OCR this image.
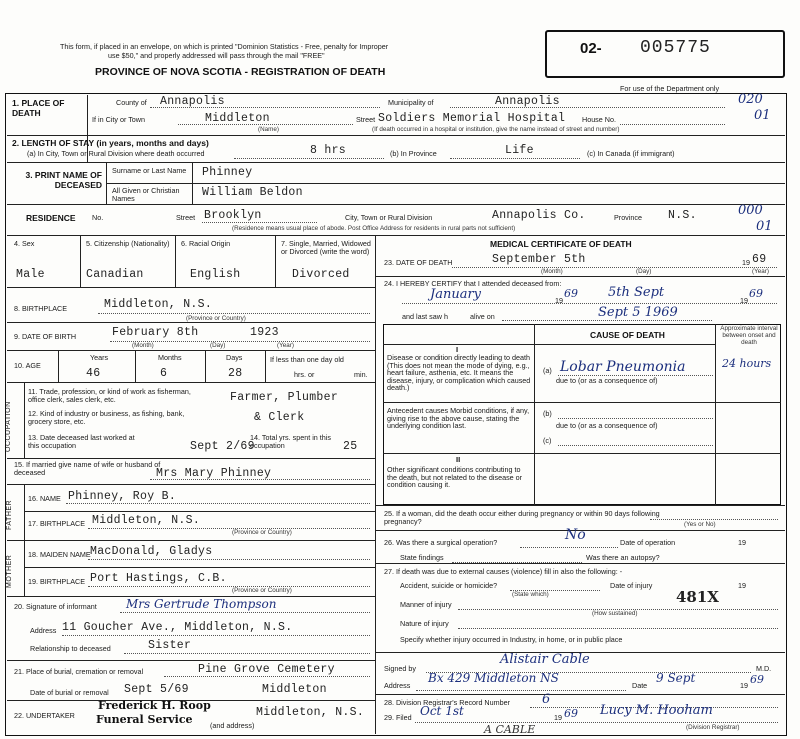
This form, if placed in an envelope, on which is printed "Dominion Statistics - Free, penalty for Improper
use $50," and properly addressed will pass through the mail "FREE"
PROVINCE OF NOVA SCOTIA - REGISTRATION OF DEATH
02- 005775
For use of the Department only
1. PLACE OF DEATH
County of Annapolis	Municipality of	Annapolis
If in City or Town	Middleton
(Name)
Street Soldiers Memorial Hospital House No.
(If death occurred in a hospital or institution, give the name instead of street and number)
020
01
2. LENGTH OF STAY (in years, months and days)
(a) In City, Town or Rural Division where death occurred	8 hrs	(b) In Province	Life	(c) In Canada (if immigrant)
3. PRINT NAME OF DECEASED
Surname or Last Name	Phinney
All Given or Christian Names	William Beldon
RESIDENCE No.	Street Brooklyn	City, Town or Rural Division	Annapolis Co.	Province N.S.
(Residence means usual place of abode. Post Office Address for residents in rural parts not sufficient)
000
01
4. Sex
Male
5. Citizenship (Nationality)
Canadian
6. Racial Origin
English
7. Single, Married, Widowed or Divorced (write the word)
Divorced
8. BIRTHPLACE	Middleton, N.S.
(Province or Country)
9. DATE OF BIRTH	February 8th	1923
(Month)	(Day)	(Year)
10. AGE
Years	Months	Days
46	6	28
If less than one day old
hrs. or	min.
OCCUPATION
11. Trade, profession, or kind of work as fisherman, office clerk, sales clerk, etc.	Farmer, Plumber
12. Kind of industry or business, as fishing, bank, grocery store, etc.	& Clerk
13. Date deceased last worked at this occupation	Sept 2/69
14. Total yrs. spent in this occupation	25
15. If married give name of wife or husband of deceased	Mrs Mary Phinney
FATHER
16. NAME Phinney, Roy B.
17. BIRTHPLACE Middleton, N.S.
(Province or Country)
MOTHER
18. MAIDEN NAME MacDonald, Gladys
19. BIRTHPLACE Port Hastings, C.B.
(Province or Country)
20. Signature of informant Mrs Gertrude Thompson
Address 11 Goucher Ave., Middleton, N.S.
Relationship to deceased	Sister
21. Place of burial, cremation or removal	Pine Grove Cemetery
Date of burial or removal Sept 5/69	Middleton
22. UNDERTAKER
Frederick H. Roop
Funeral Service (and address)
Middleton, N.S.
MEDICAL CERTIFICATE OF DEATH
23. DATE OF DEATH	September 5th	19 69
(Month)	(Day)	(Year)
24. I HEREBY CERTIFY that I attended deceased from:
January	19
69 5th Sept
19
69
and last saw h	alive on	Sept 5 1969
CAUSE OF DEATH
Approximate interval between onset and death
I
Disease or condition directly leading to death (This does not mean the mode of dying, e.g., heart failure, asthenia, etc. It means the disease, injury, or complication which caused death.)
(a) Lobar Pneumonia	24 hours
due to (or as a consequence of)
Antecedent causes Morbid conditions, if any, giving rise to the above cause, stating the underlying condition last.
(b)
due to (or as a consequence of)
(c)
II
Other significant conditions contributing to the death, but not related to the disease or condition causing it.
25. If a woman, did the death occur either during pregnancy or within 90 days following pregnancy?	(Yes or No)
26. Was there a surgical operation?	No	Date of operation	19
State findings	Was there an autopsy?
27. If death was due to external causes (violence) fill in also the following: -
Accident, suicide or homicide?
(State which)
Date of injury	19
Manner of injury
(How sustained)
481X
Nature of injury
Specify whether injury occurred in Industry, in home, or in public place
Signed by
Alistair Cable
M.D.
Address
Bx 429 Middleton NS
Date
9 Sept
19 69
28. Division Registrar's Record Number 6
29. Filed Oct 1st	19 69 Lucy M. Hooham
(Division Registrar)
A CABLE
